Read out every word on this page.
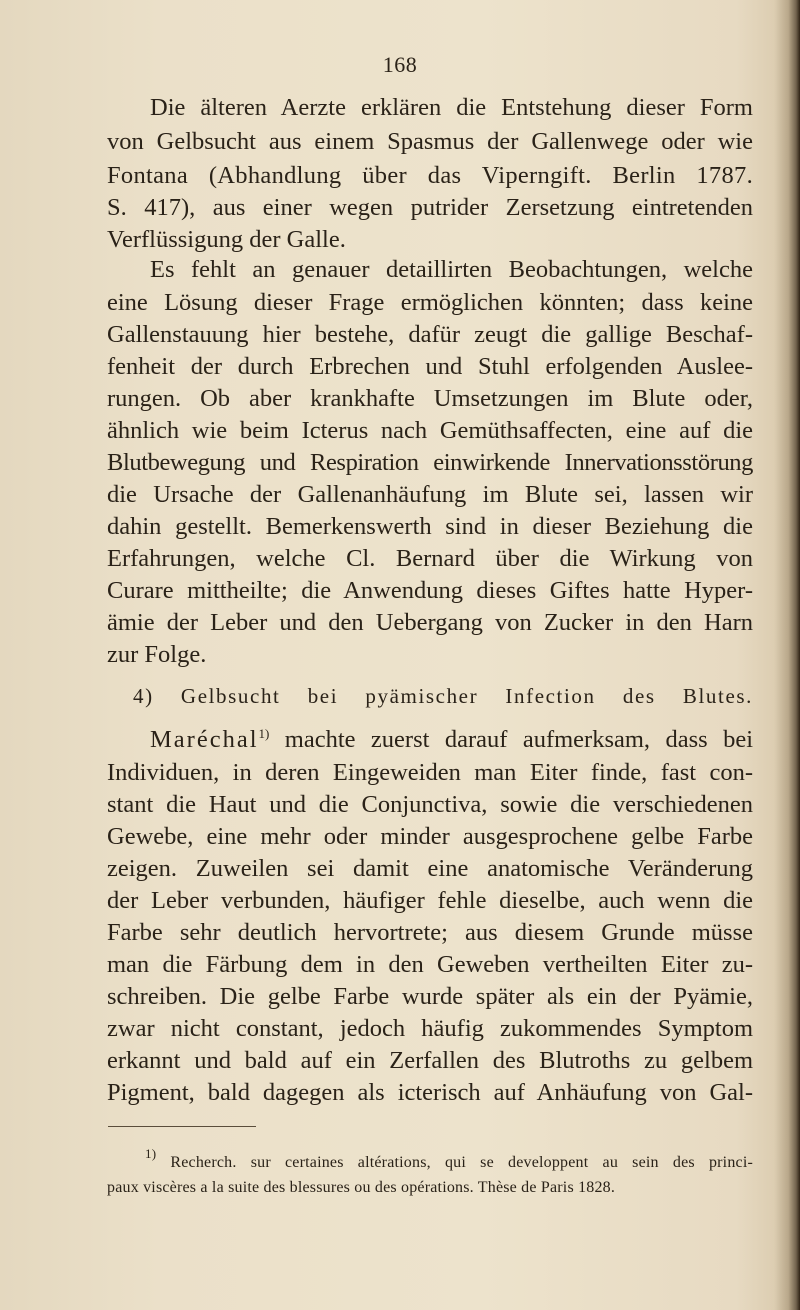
168
Die älteren Aerzte erklären die Entstehung dieser Form
von Gelbsucht aus einem Spasmus der Gallenwege oder wie
Fontana (Abhandlung über das Viperngift. Berlin 1787.
S. 417), aus einer wegen putrider Zersetzung eintretenden
Verflüssigung der Galle.
Es fehlt an genauer detaillirten Beobachtungen, welche
eine Lösung dieser Frage ermöglichen könnten; dass keine
Gallenstauung hier bestehe, dafür zeugt die gallige Beschaf-
fenheit der durch Erbrechen und Stuhl erfolgenden Auslee-
rungen. Ob aber krankhafte Umsetzungen im Blute oder,
ähnlich wie beim Icterus nach Gemüthsaffecten, eine auf die
Blutbewegung und Respiration einwirkende Innervationsstörung
die Ursache der Gallenanhäufung im Blute sei, lassen wir
dahin gestellt. Bemerkenswerth sind in dieser Beziehung die
Erfahrungen, welche Cl. Bernard über die Wirkung von
Curare mittheilte; die Anwendung dieses Giftes hatte Hyper-
ämie der Leber und den Uebergang von Zucker in den Harn
zur Folge.
4) Gelbsucht bei pyämischer Infection des Blutes.
Maréchal$^{1)}$ machte zuerst darauf aufmerksam, dass bei
Individuen, in deren Eingeweiden man Eiter finde, fast con-
stant die Haut und die Conjunctiva, sowie die verschiedenen
Gewebe, eine mehr oder minder ausgesprochene gelbe Farbe
zeigen. Zuweilen sei damit eine anatomische Veränderung
der Leber verbunden, häufiger fehle dieselbe, auch wenn die
Farbe sehr deutlich hervortrete; aus diesem Grunde müsse
man die Färbung dem in den Geweben vertheilten Eiter zu-
schreiben. Die gelbe Farbe wurde später als ein der Pyämie,
zwar nicht constant, jedoch häufig zukommendes Symptom
erkannt und bald auf ein Zerfallen des Blutroths zu gelbem
Pigment, bald dagegen als icterisch auf Anhäufung von Gal-
$^{1)}$ Recherch. sur certaines altérations, qui se developpent au sein des princi-
paux viscères a la suite des blessures ou des opérations. Thèse de Paris 1828.
